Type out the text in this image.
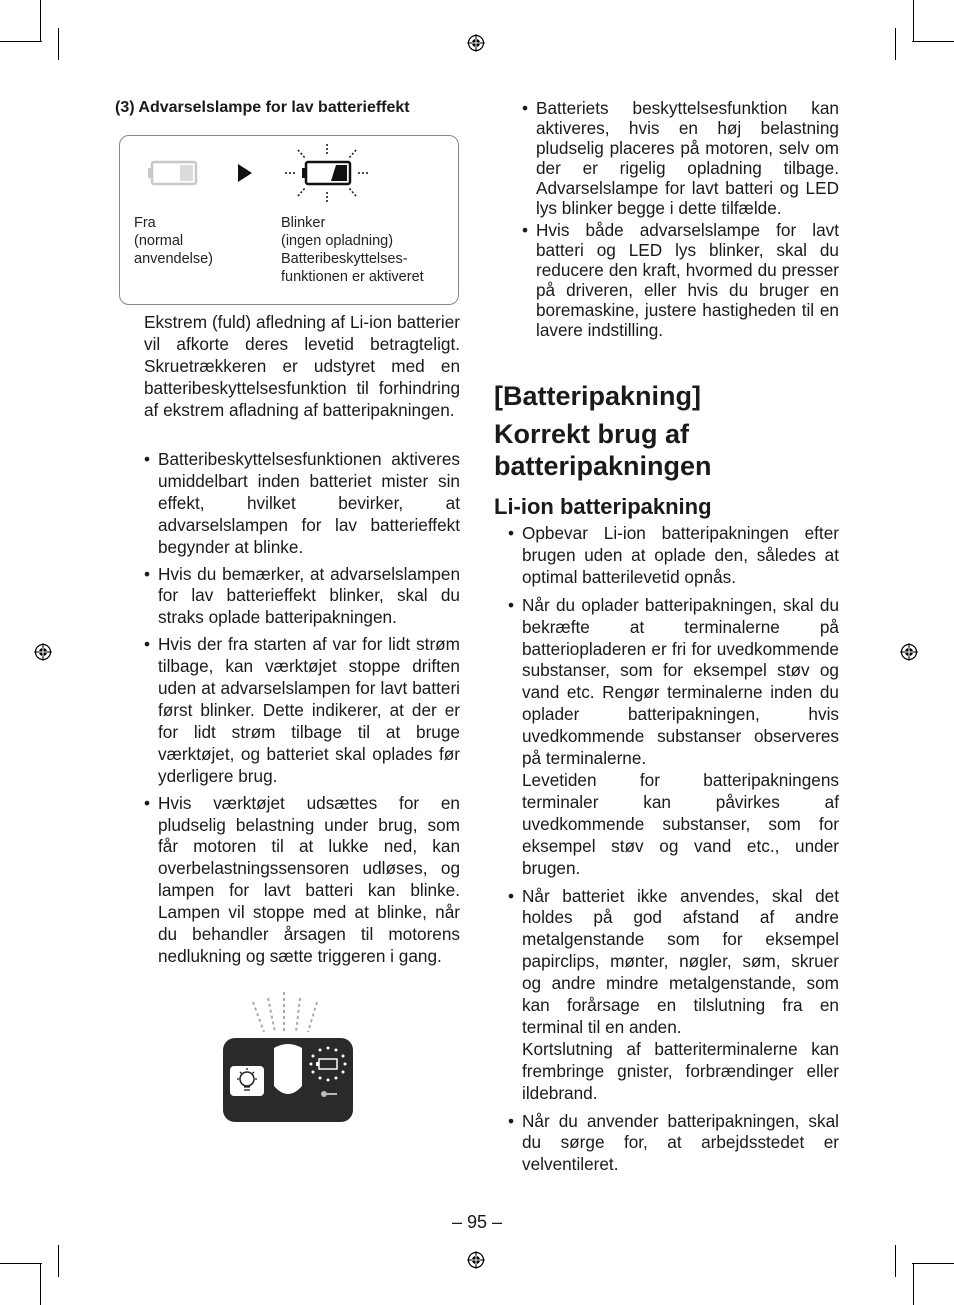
(3) Advarselslampe for lav batterieffekt
Fra
(normal
anvendelse)
Blinker
(ingen opladning)
Batteribeskyttelses-
funktionen er aktiveret
Ekstrem (fuld) afledning af Li-ion batterier vil afkorte deres levetid betragteligt. Skruetrækkeren er udstyret med en batteribeskyttelsesfunktion til forhindring af ekstrem afladning af batteripakningen.
• Batteribeskyttelsesfunktionen aktiveres umiddelbart inden batteriet mister sin effekt, hvilket bevirker, at advarselslampen for lav batterieffekt begynder at blinke.
• Hvis du bemærker, at advarselslampen for lav batterieffekt blinker, skal du straks oplade batteripakningen.
• Hvis der fra starten af var for lidt strøm tilbage, kan værktøjet stoppe driften uden at advarselslampen for lavt batteri først blinker. Dette indikerer, at der er for lidt strøm tilbage til at bruge værktøjet, og batteriet skal oplades før yderligere brug.
• Hvis værktøjet udsættes for en pludselig belastning under brug, som får motoren til at lukke ned, kan overbelastningssensoren udløses, og lampen for lavt batteri kan blinke. Lampen vil stoppe med at blinke, når du behandler årsagen til motorens nedlukning og sætte triggeren i gang.
• Batteriets beskyttelsesfunktion kan aktiveres, hvis en høj belastning pludselig placeres på motoren, selv om der er rigelig opladning tilbage. Advarselslampe for lavt batteri og LED lys blinker begge i dette tilfælde.
• Hvis både advarselslampe for lavt batteri og LED lys blinker, skal du reducere den kraft, hvormed du presser på driveren, eller hvis du bruger en boremaskine, justere hastigheden til en lavere indstilling.
[Batteripakning]
Korrekt brug af batteripakningen
Li-ion batteripakning
• Opbevar Li-ion batteripakningen efter brugen uden at oplade den, således at optimal batterilevetid opnås.
• Når du oplader batteripakningen, skal du bekræfte at terminalerne på batteriopladeren er fri for uvedkommende substanser, som for eksempel støv og vand etc. Rengør terminalerne inden du oplader batteripakningen, hvis uvedkommende substanser observeres på terminalerne.
Levetiden for batteripakningens terminaler kan påvirkes af uvedkommende substanser, som for eksempel støv og vand etc., under brugen.
• Når batteriet ikke anvendes, skal det holdes på god afstand af andre metalgenstande som for eksempel papirclips, mønter, nøgler, søm, skruer og andre mindre metalgenstande, som kan forårsage en tilslutning fra en terminal til en anden.
Kortslutning af batteriterminalerne kan frembringe gnister, forbrændinger eller ildebrand.
• Når du anvender batteripakningen, skal du sørge for, at arbejdsstedet er velventileret.
– 95 –
